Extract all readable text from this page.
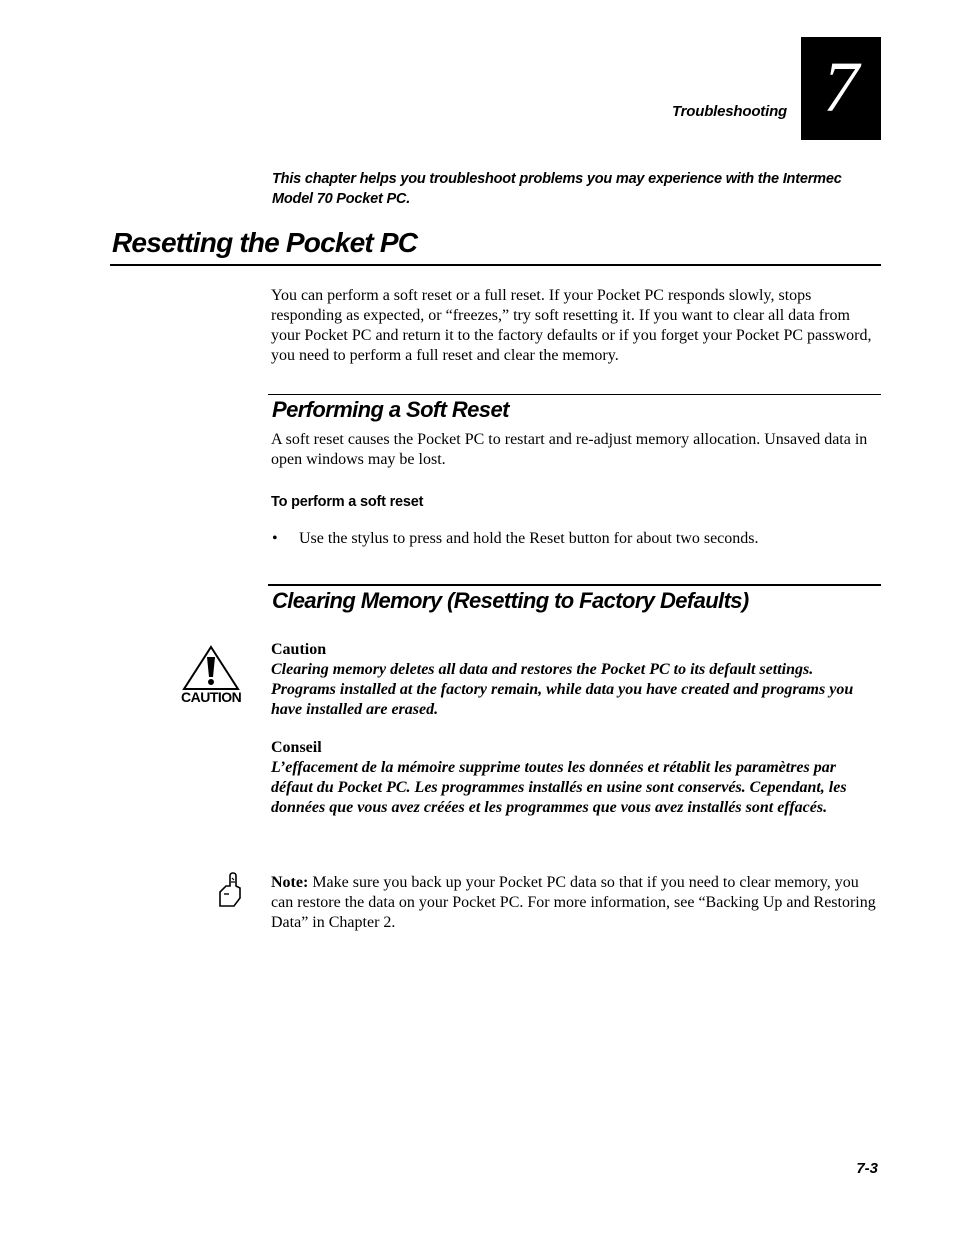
Troubleshooting 7
This chapter helps you troubleshoot problems you may experience with the Intermec Model 70 Pocket PC.
Resetting the Pocket PC
You can perform a soft reset or a full reset. If your Pocket PC responds slowly, stops responding as expected, or “freezes,” try soft resetting it. If you want to clear all data from your Pocket PC and return it to the factory defaults or if you forget your Pocket PC password, you need to perform a full reset and clear the memory.
Performing a Soft Reset
A soft reset causes the Pocket PC to restart and re-adjust memory allocation. Unsaved data in open windows may be lost.
To perform a soft reset
•	Use the stylus to press and hold the Reset button for about two seconds.
Clearing Memory (Resetting to Factory Defaults)
CAUTION
Caution
Clearing memory deletes all data and restores the Pocket PC to its default settings. Programs installed at the factory remain, while data you have created and programs you have installed are erased.
Conseil
L’effacement de la mémoire supprime toutes les données et rétablit les paramètres par défaut du Pocket PC. Les programmes installés en usine sont conservés. Cependant, les données que vous avez créées et les programmes que vous avez installés sont effacés.
Note: Make sure you back up your Pocket PC data so that if you need to clear memory, you can restore the data on your Pocket PC. For more information, see “Backing Up and Restoring Data” in Chapter 2.
7-3
